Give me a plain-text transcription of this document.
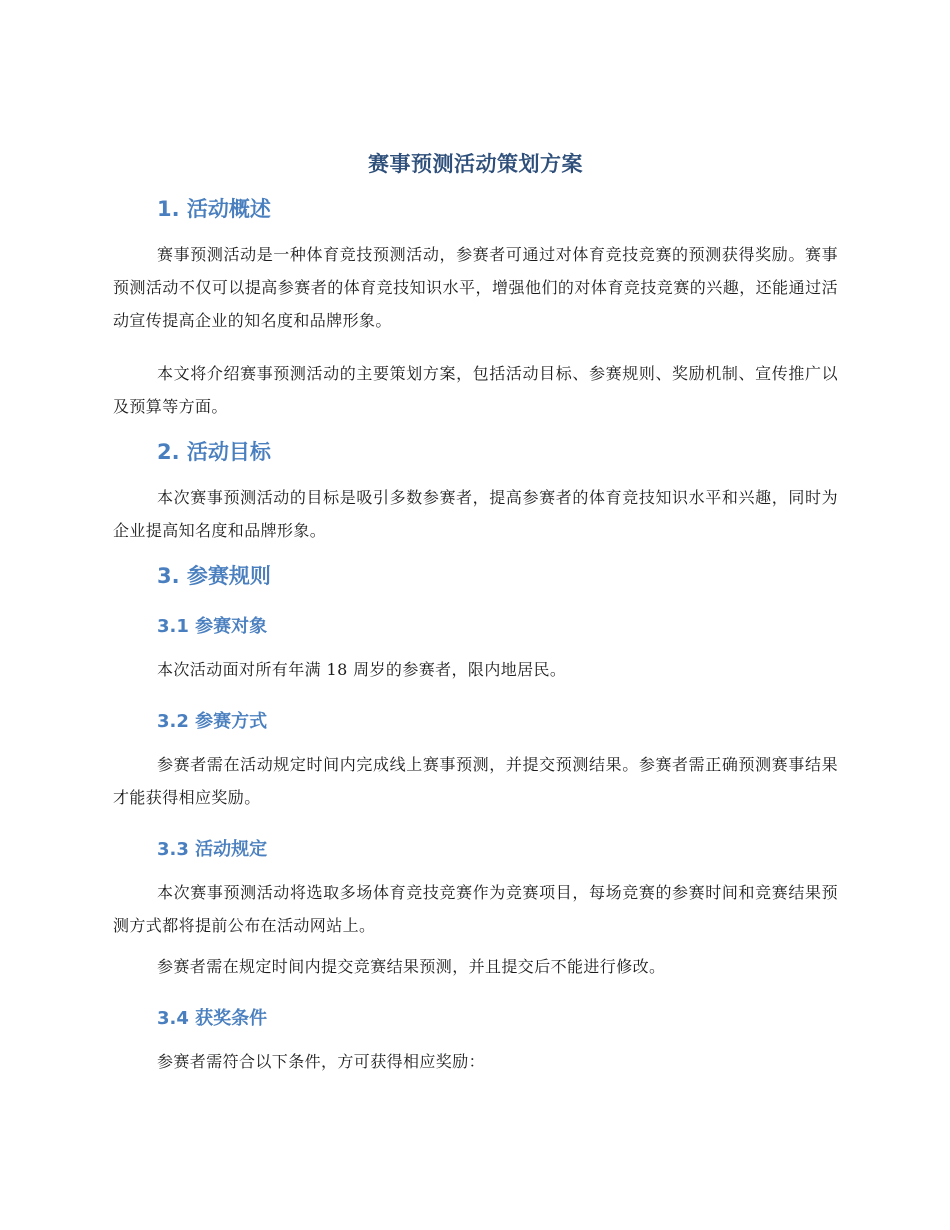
赛事预测活动策划方案
1. 活动概述

赛事预测活动是一种体育竞技预测活动，参赛者可通过对体育竞技竞赛的预测获得奖励。赛事预测活动不仅可以提高参赛者的体育竞技知识水平，增强他们的对体育竞技竞赛的兴趣，还能通过活动宣传提高企业的知名度和品牌形象。

本文将介绍赛事预测活动的主要策划方案，包括活动目标、参赛规则、奖励机制、宣传推广以及预算等方面。

2. 活动目标

本次赛事预测活动的目标是吸引多数参赛者，提高参赛者的体育竞技知识水平和兴趣，同时为企业提高知名度和品牌形象。

3. 参赛规则
3.1 参赛对象

本次活动面对所有年满 18 周岁的参赛者，限内地居民。

3.2 参赛方式

参赛者需在活动规定时间内完成线上赛事预测，并提交预测结果。参赛者需正确预测赛事结果才能获得相应奖励。

3.3 活动规定

本次赛事预测活动将选取多场体育竞技竞赛作为竞赛项目，每场竞赛的参赛时间和竞赛结果预测方式都将提前公布在活动网站上。

参赛者需在规定时间内提交竞赛结果预测，并且提交后不能进行修改。

3.4 获奖条件

参赛者需符合以下条件，方可获得相应奖励：
